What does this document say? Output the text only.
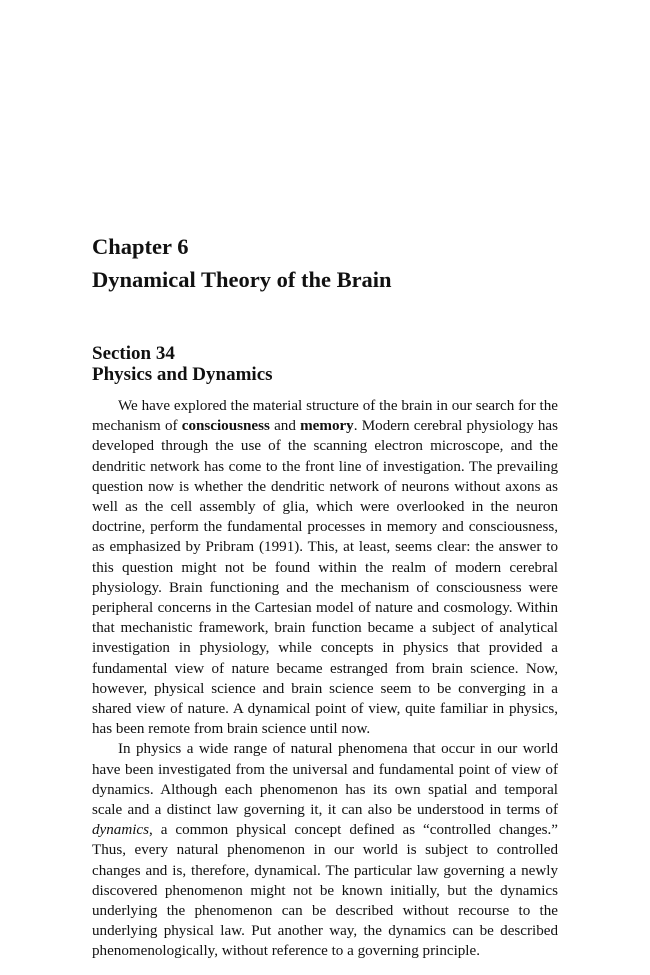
Chapter 6
Dynamical Theory of the Brain
Section 34
Physics and Dynamics

We have explored the material structure of the brain in our search for the mechanism of consciousness and memory. Modern cerebral physiology has developed through the use of the scanning electron microscope, and the dendritic network has come to the front line of investigation. The prevailing question now is whether the dendritic network of neurons without axons as well as the cell assembly of glia, which were overlooked in the neuron doctrine, perform the fundamental processes in memory and consciousness, as emphasized by Pribram (1991). This, at least, seems clear: the answer to this question might not be found within the realm of modern cerebral physiology. Brain functioning and the mechanism of consciousness were peripheral concerns in the Cartesian model of nature and cosmology. Within that mechanistic framework, brain function became a subject of analytical investigation in physiology, while concepts in physics that provided a fundamental view of nature became estranged from brain science. Now, however, physical science and brain science seem to be converging in a shared view of nature. A dynamical point of view, quite familiar in physics, has been remote from brain science until now.

In physics a wide range of natural phenomena that occur in our world have been investigated from the universal and fundamental point of view of dynamics. Although each phenomenon has its own spatial and temporal scale and a distinct law governing it, it can also be understood in terms of dynamics, a common physical concept defined as “controlled changes.” Thus, every natural phenomenon in our world is subject to controlled changes and is, therefore, dynamical. The particular law governing a newly discovered phenomenon might not be known initially, but the dynamics underlying the phenomenon can be described without recourse to the underlying physical law. Put another way, the dynamics can be described phenomenologically, without reference to a governing principle.
